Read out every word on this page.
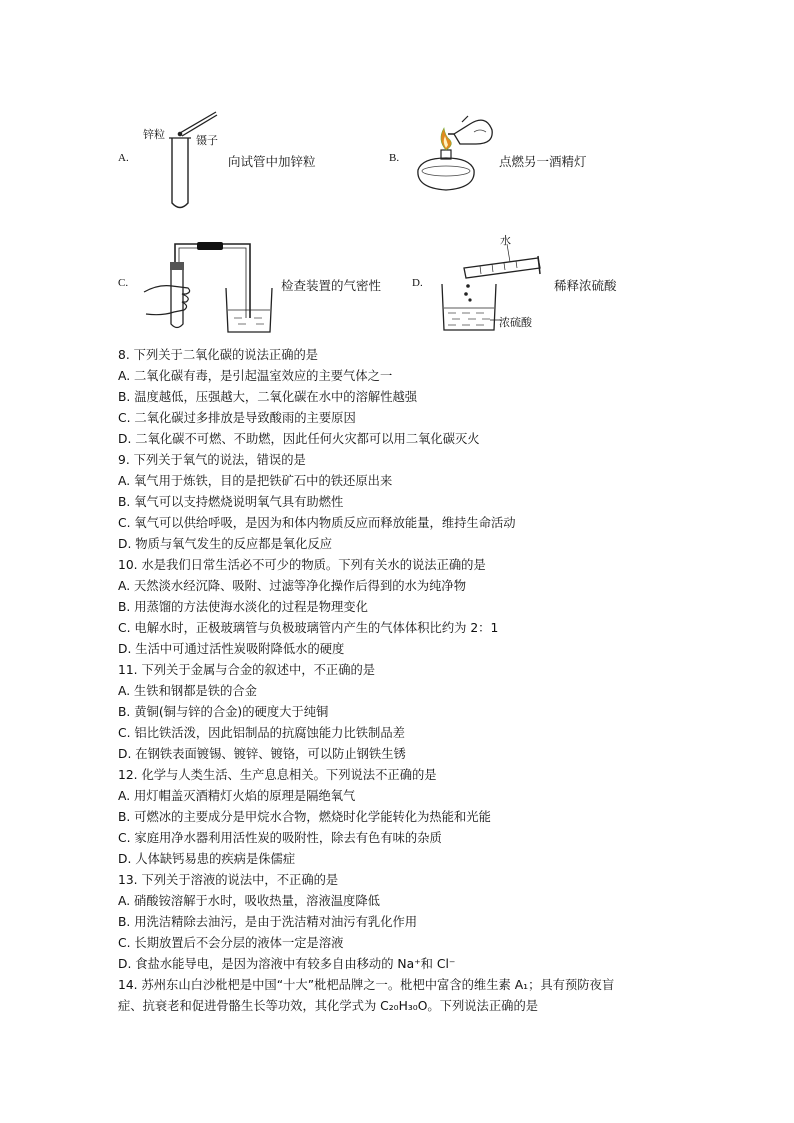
A.
锌粒	镊子
向试管中加锌粒	B.	点燃另一酒精灯
C.	检查装置的气密性	D.
水
浓硫酸
稀释浓硫酸
8. 下列关于二氧化碳的说法正确的是
A. 二氧化碳有毒，是引起温室效应的主要气体之一
B. 温度越低，压强越大，二氧化碳在水中的溶解性越强
C. 二氧化碳过多排放是导致酸雨的主要原因
D. 二氧化碳不可燃、不助燃，因此任何火灾都可以用二氧化碳灭火
9. 下列关于氧气的说法，错误的是
A. 氧气用于炼铁，目的是把铁矿石中的铁还原出来
B. 氧气可以支持燃烧说明氧气具有助燃性
C. 氧气可以供给呼吸，是因为和体内物质反应而释放能量，维持生命活动
D. 物质与氧气发生的反应都是氧化反应
10. 水是我们日常生活必不可少的物质。下列有关水的说法正确的是
A. 天然淡水经沉降、吸附、过滤等净化操作后得到的水为纯净物
B. 用蒸馏的方法使海水淡化的过程是物理变化
C. 电解水时，正极玻璃管与负极玻璃管内产生的气体体积比约为 2：1
D. 生活中可通过活性炭吸附降低水的硬度
11. 下列关于金属与合金的叙述中，不正确的是
A. 生铁和钢都是铁的合金
B. 黄铜(铜与锌的合金)的硬度大于纯铜
C. 铝比铁活泼，因此铝制品的抗腐蚀能力比铁制品差
D. 在钢铁表面镀锡、镀锌、镀铬，可以防止钢铁生锈
12. 化学与人类生活、生产息息相关。下列说法不正确的是
A. 用灯帽盖灭酒精灯火焰的原理是隔绝氧气
B. 可燃冰的主要成分是甲烷水合物，燃烧时化学能转化为热能和光能
C. 家庭用净水器利用活性炭的吸附性，除去有色有味的杂质
D. 人体缺钙易患的疾病是侏儒症
13. 下列关于溶液的说法中，不正确的是
A. 硝酸铵溶解于水时，吸收热量，溶液温度降低
B. 用洗洁精除去油污，是由于洗洁精对油污有乳化作用
C. 长期放置后不会分层的液体一定是溶液
D. 食盐水能导电，是因为溶液中有较多自由移动的 Na⁺和 Cl⁻
14. 苏州东山白沙枇杷是中国“十大”枇杷品牌之一。枇杷中富含的维生素 A₁；具有预防夜盲
症、抗衰老和促进骨骼生长等功效，其化学式为 C₂₀H₃₀O。下列说法正确的是
